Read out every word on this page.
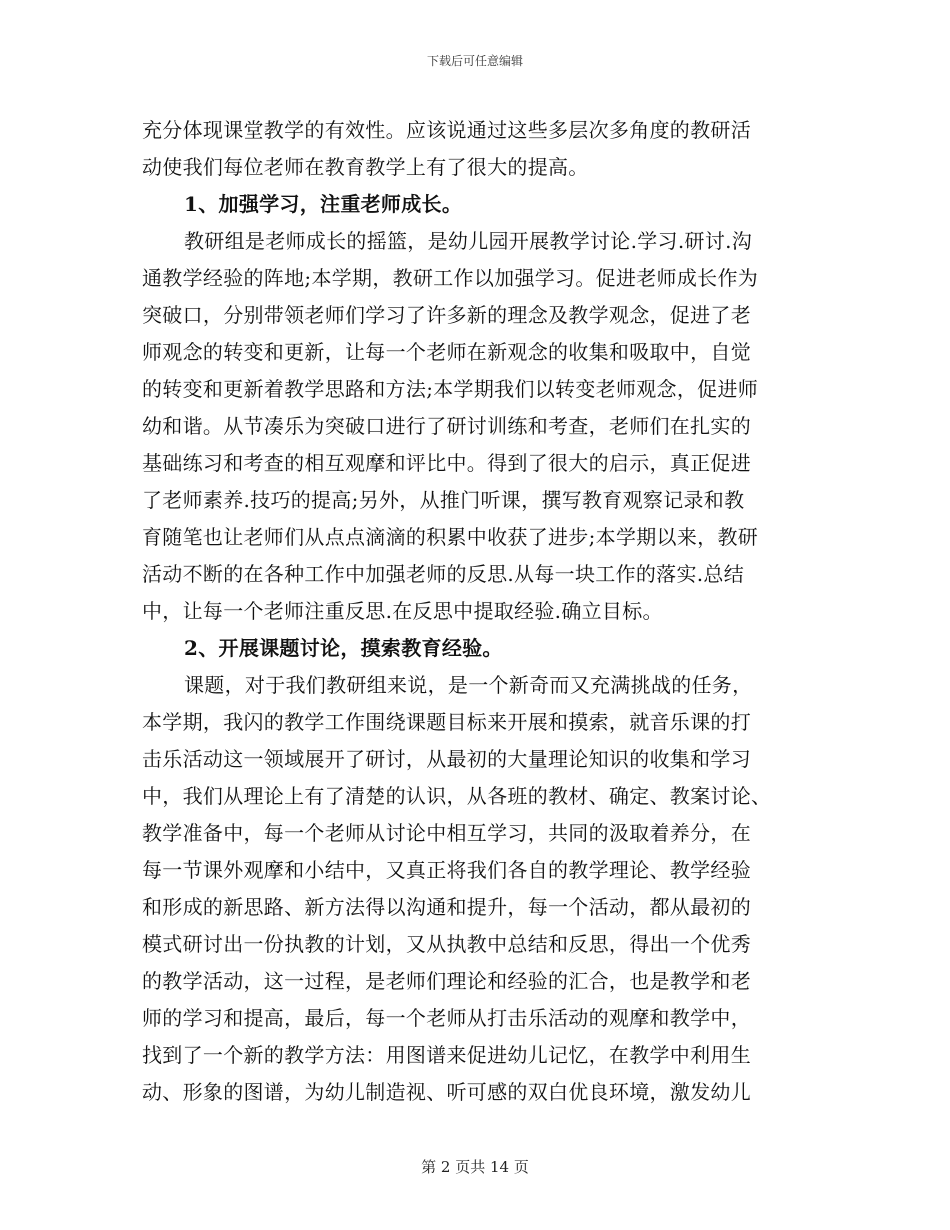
下载后可任意编辑
充分体现课堂教学的有效性。应该说通过这些多层次多角度的教研活
动使我们每位老师在教育教学上有了很大的提高。
1、加强学习，注重老师成长。
教研组是老师成长的摇篮，是幼儿园开展教学讨论.学习.研讨.沟
通教学经验的阵地;本学期，教研工作以加强学习。促进老师成长作为
突破口，分别带领老师们学习了许多新的理念及教学观念，促进了老
师观念的转变和更新，让每一个老师在新观念的收集和吸取中，自觉
的转变和更新着教学思路和方法;本学期我们以转变老师观念，促进师
幼和谐。从节凑乐为突破口进行了研讨训练和考查，老师们在扎实的
基础练习和考查的相互观摩和评比中。得到了很大的启示，真正促进
了老师素养.技巧的提高;另外，从推门听课，撰写教育观察记录和教
育随笔也让老师们从点点滴滴的积累中收获了进步;本学期以来，教研
活动不断的在各种工作中加强老师的反思.从每一块工作的落实.总结
中，让每一个老师注重反思.在反思中提取经验.确立目标。
2、开展课题讨论，摸索教育经验。
课题，对于我们教研组来说，是一个新奇而又充满挑战的任务，
本学期，我闪的教学工作围绕课题目标来开展和摸索，就音乐课的打
击乐活动这一领域展开了研讨，从最初的大量理论知识的收集和学习
中，我们从理论上有了清楚的认识，从各班的教材、确定、教案讨论、
教学准备中，每一个老师从讨论中相互学习，共同的汲取着养分，在
每一节课外观摩和小结中，又真正将我们各自的教学理论、教学经验
和形成的新思路、新方法得以沟通和提升，每一个活动，都从最初的
模式研讨出一份执教的计划，又从执教中总结和反思，得出一个优秀
的教学活动，这一过程，是老师们理论和经验的汇合，也是教学和老
师的学习和提高，最后，每一个老师从打击乐活动的观摩和教学中，
找到了一个新的教学方法：用图谱来促进幼儿记忆，在教学中利用生
动、形象的图谱，为幼儿制造视、听可感的双白优良环境，激发幼儿
第 2 页共 14 页
